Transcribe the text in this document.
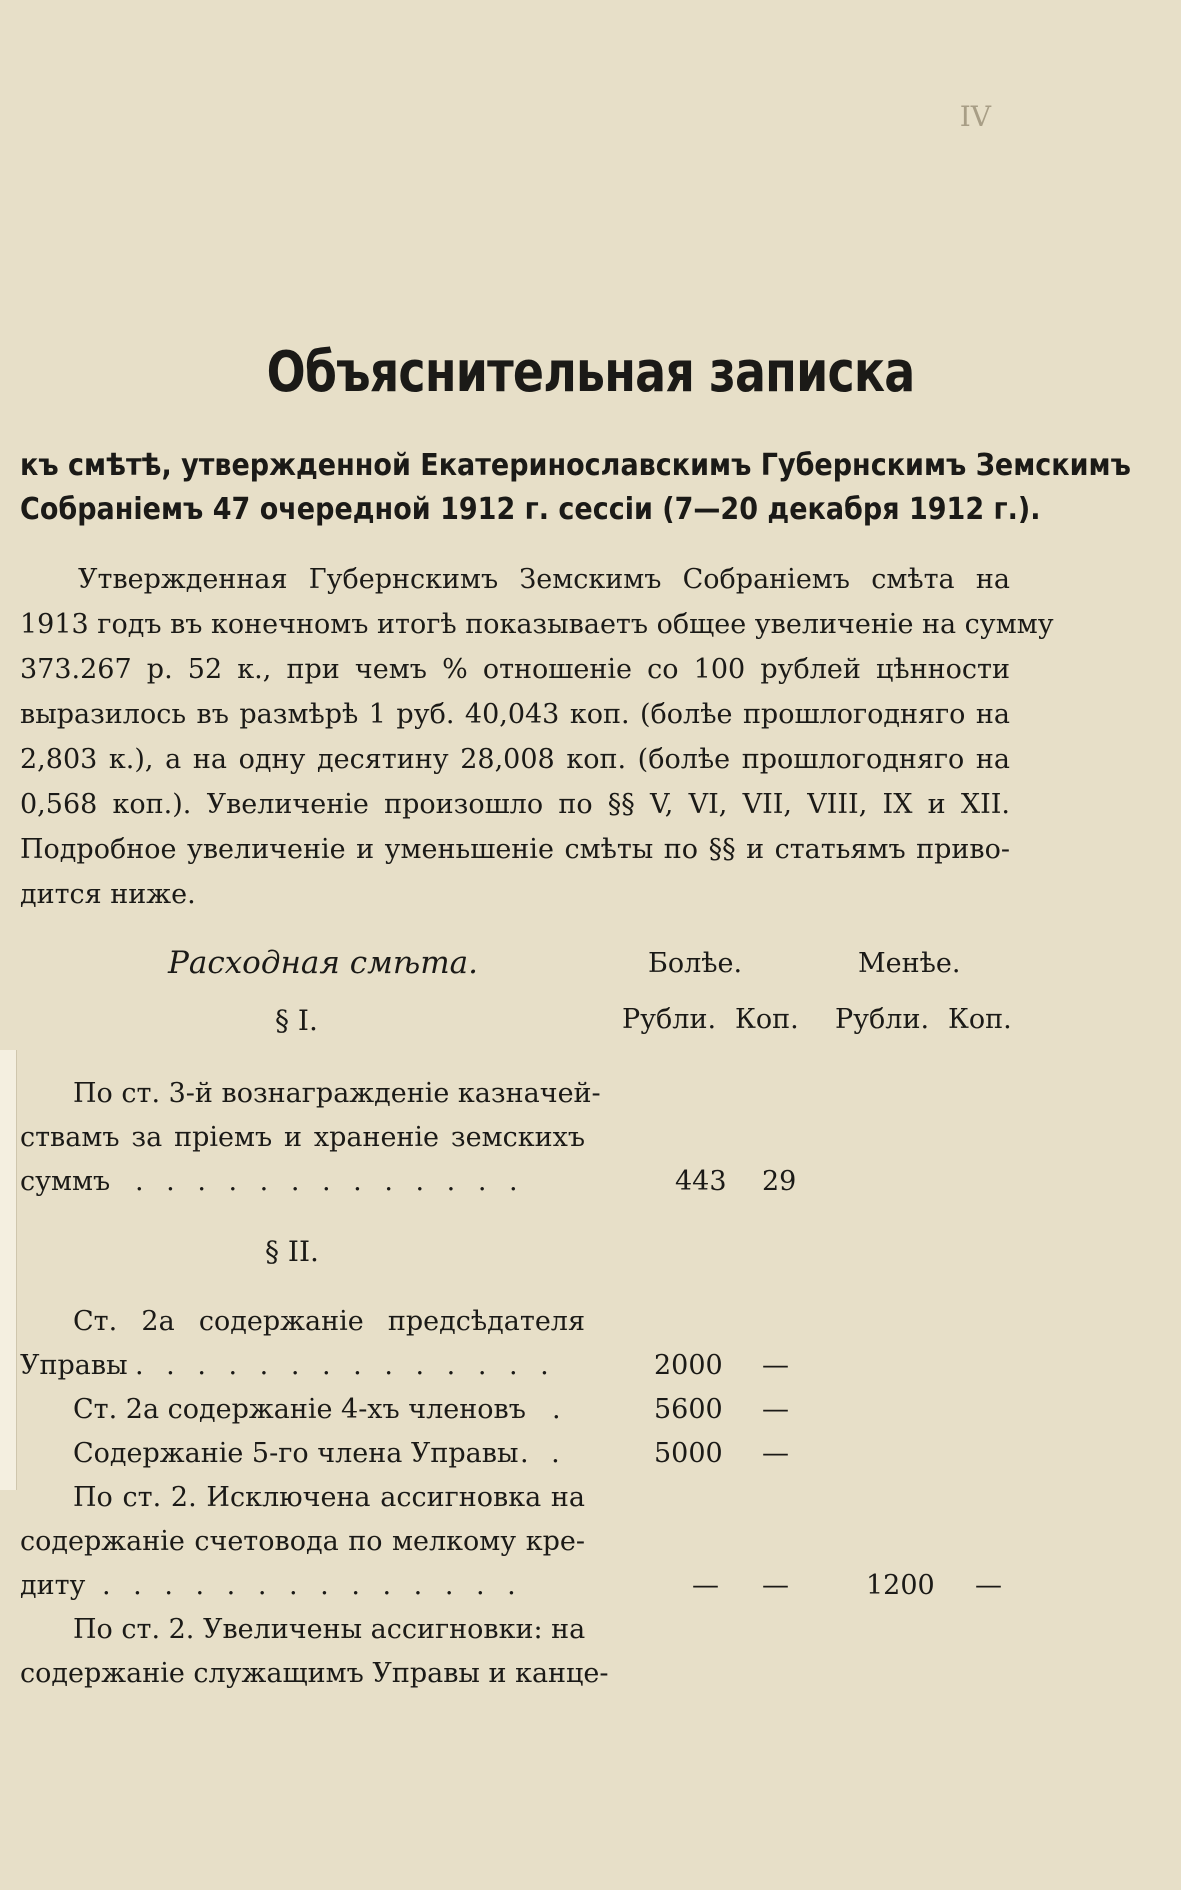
IV
Объяснительная записка
къ смѣтѣ, утвержденной Екатеринославскимъ Губернскимъ Земскимъ
Собраніемъ 47 очередной 1912 г. сессіи (7—20 декабря 1912 г.).
Утвержденная Губернскимъ Земскимъ Собраніемъ смѣта на
1913 годъ въ конечномъ итогѣ показываетъ общее увеличеніе на сумму
373.267 р. 52 к., при чемъ % отношеніе со 100 рублей цѣнности
выразилось въ размѣрѣ 1 руб. 40,043 коп. (болѣе прошлогодняго на
2,803 к.), а на одну десятину 28,008 коп. (болѣе прошлогодняго на
0,568 коп.). Увеличеніе произошло по §§ V, VI, VII, VIII, IX и XII.
Подробное увеличеніе и уменьшеніе смѣты по §§ и статьямъ приво-
дится ниже.
Расходная смѣта.	Болѣе.	Менѣе.
§ I.	Рубли. Коп. Рубли. Коп.
По ст. 3-й вознагражденіе казначей-
ствамъ за пріемъ и храненіе земскихъ
суммъ . . . . . . . . . . . . .	443 29
§ II.
Ст. 2а содержаніе предсѣдателя
Управы . . . . . . . . . . . . . .	2000 —
Ст. 2а содержаніе 4-хъ членовъ .	5600 —
Содержаніе 5-го члена Управы . .	5000 —
По ст. 2. Исключена ассигновка на
содержаніе счетовода по мелкому кре-
диту . . . . . . . . . . . . . .	— —	1200 —
По ст. 2. Увеличены ассигновки: на
содержаніе служащимъ Управы и канце-
